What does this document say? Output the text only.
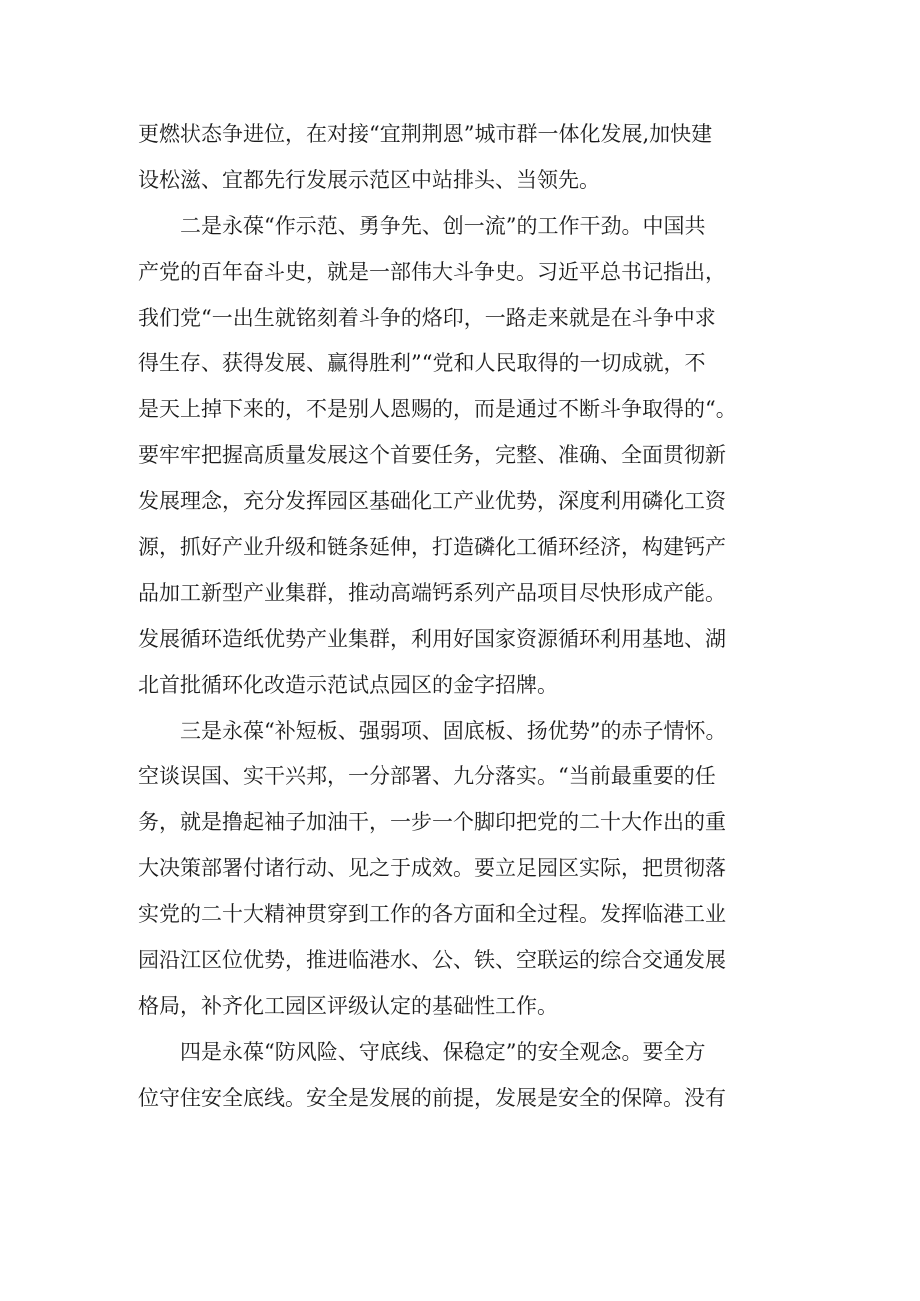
更燃状态争进位，在对接“宜荆荆恩”城市群一体化发展,加快建
设松滋、宜都先行发展示范区中站排头、当领先。
二是永葆“作示范、勇争先、创一流”的工作干劲。中国共
产党的百年奋斗史，就是一部伟大斗争史。习近平总书记指出，
我们党“一出生就铭刻着斗争的烙印，一路走来就是在斗争中求
得生存、获得发展、赢得胜利”“党和人民取得的一切成就，不
是天上掉下来的，不是别人恩赐的，而是通过不断斗争取得的“。
要牢牢把握高质量发展这个首要任务，完整、准确、全面贯彻新
发展理念，充分发挥园区基础化工产业优势，深度利用磷化工资
源，抓好产业升级和链条延伸，打造磷化工循环经济，构建钙产
品加工新型产业集群，推动高端钙系列产品项目尽快形成产能。
发展循环造纸优势产业集群，利用好国家资源循环利用基地、湖
北首批循环化改造示范试点园区的金字招牌。
三是永葆“补短板、强弱项、固底板、扬优势”的赤子情怀。
空谈误国、实干兴邦，一分部署、九分落实。“当前最重要的任
务，就是撸起袖子加油干，一步一个脚印把党的二十大作出的重
大决策部署付诸行动、见之于成效。要立足园区实际，把贯彻落
实党的二十大精神贯穿到工作的各方面和全过程。发挥临港工业
园沿江区位优势，推进临港水、公、铁、空联运的综合交通发展
格局，补齐化工园区评级认定的基础性工作。
四是永葆“防风险、守底线、保稳定”的安全观念。要全方
位守住安全底线。安全是发展的前提，发展是安全的保障。没有
